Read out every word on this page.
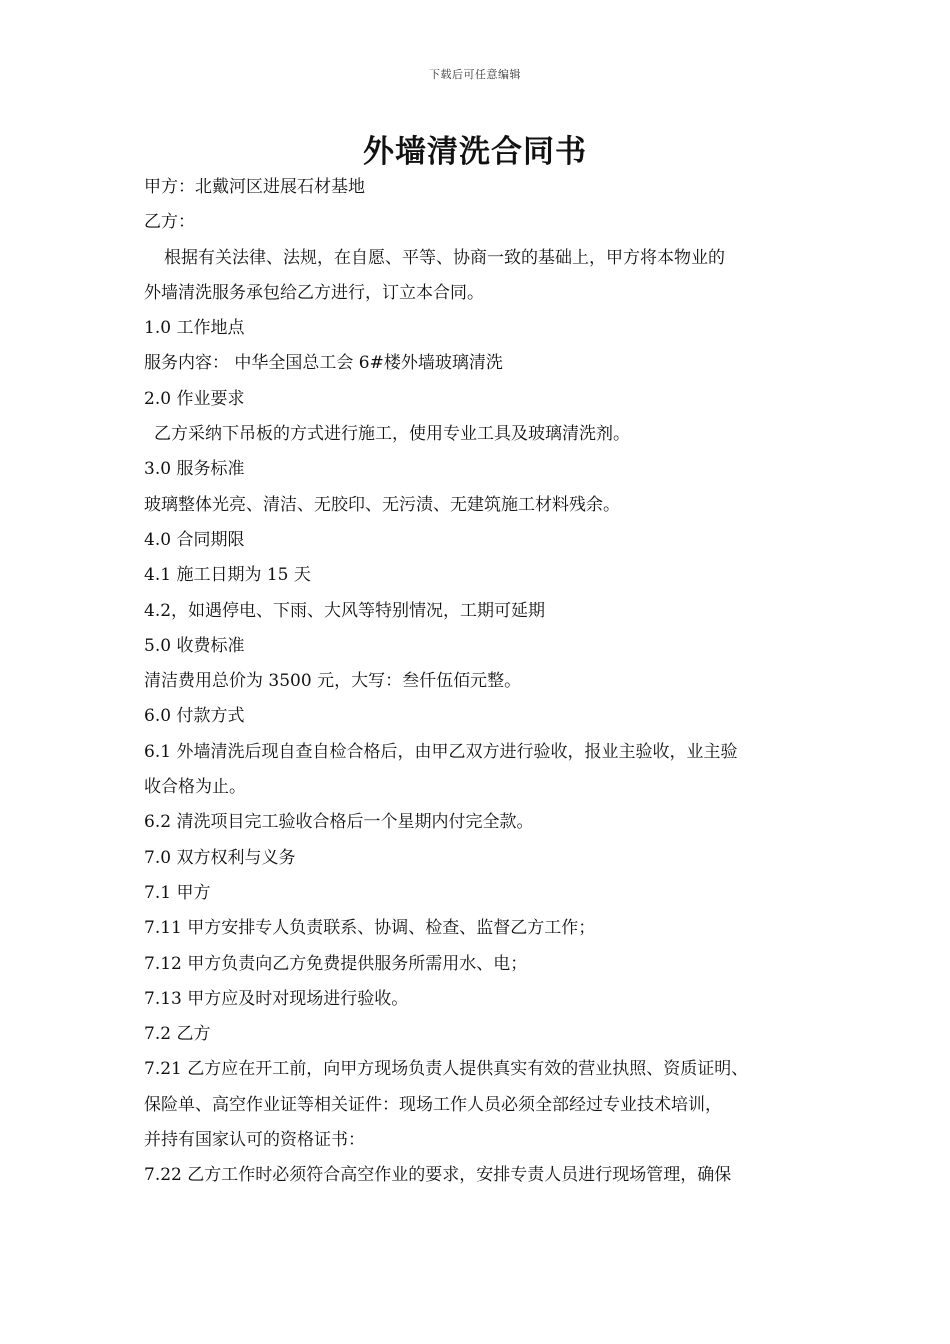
下载后可任意编辑
外墙清洗合同书
甲方：北戴河区进展石材基地
乙方：
根据有关法律、法规，在自愿、平等、协商一致的基础上，甲方将本物业的
外墙清洗服务承包给乙方进行，订立本合同。
1.0 工作地点
服务内容： 中华全国总工会 6#楼外墙玻璃清洗
2.0 作业要求
乙方采纳下吊板的方式进行施工，使用专业工具及玻璃清洗剂。
3.0 服务标准
玻璃整体光亮、清洁、无胶印、无污渍、无建筑施工材料残余。
4.0 合同期限
4.1 施工日期为 15 天
4.2，如遇停电、下雨、大风等特别情况，工期可延期
5.0 收费标准
清洁费用总价为 3500 元，大写：叁仟伍佰元整。
6.0 付款方式
6.1 外墙清洗后现自查自检合格后，由甲乙双方进行验收，报业主验收，业主验
收合格为止。
6.2 清洗项目完工验收合格后一个星期内付完全款。
7.0 双方权利与义务
7.1 甲方
7.11 甲方安排专人负责联系、协调、检查、监督乙方工作；
7.12 甲方负责向乙方免费提供服务所需用水、电；
7.13 甲方应及时对现场进行验收。
7.2 乙方
7.21 乙方应在开工前，向甲方现场负责人提供真实有效的营业执照、资质证明、
保险单、高空作业证等相关证件：现场工作人员必须全部经过专业技术培训，
并持有国家认可的资格证书：
7.22 乙方工作时必须符合高空作业的要求，安排专责人员进行现场管理，确保
